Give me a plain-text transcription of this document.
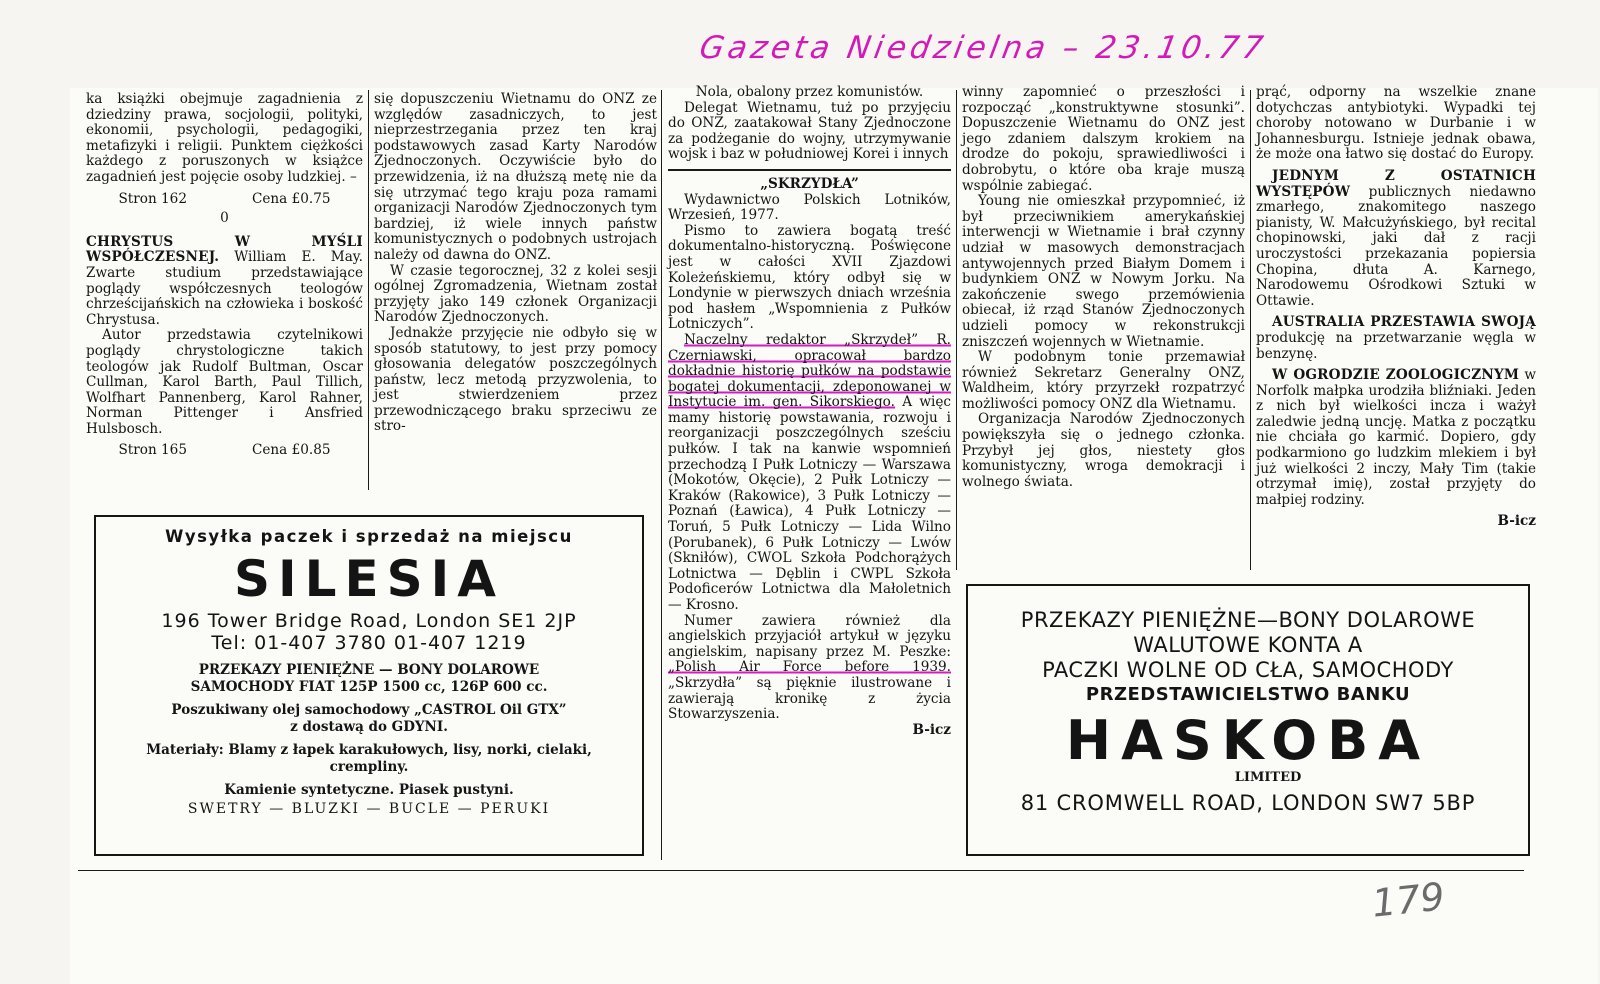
Gazeta Niedzielna – 23.10.77

ka książki obejmuje zagadnienia z dziedziny prawa, socjologii, polityki, ekonomii, psychologii, pedagogiki, metafizyki i religii. Punktem ciężkości każdego z poruszonych w książce zagadnień jest pojęcie osoby ludzkiej. –

Stron 162	Cena £0.75

0

CHRYSTUS W MYŚLI WSPÓŁCZESNEJ. William E. May. Zwarte studium przedstawiające poglądy współczesnych teologów chrześcijańskich na człowieka i boskość Chrystusa.

Autor przedstawia czytelnikowi poglądy chrystologiczne takich teologów jak Rudolf Bultman, Oscar Cullman, Karol Barth, Paul Tillich, Wolfhart Pannenberg, Karol Rahner, Norman Pittenger i Ansfried Hulsbosch.

Stron 165	Cena £0.85

się dopuszczeniu Wietnamu do ONZ ze względów zasadniczych, to jest nieprzestrzegania przez ten kraj podstawowych zasad Karty Narodów Zjednoczonych. Oczywiście było do przewidzenia, iż na dłuższą metę nie da się utrzymać tego kraju poza ramami organizacji Narodów Zjednoczonych tym bardziej, iż wiele innych państw komunistycznych o podobnych ustrojach należy od dawna do ONZ.

W czasie tegorocznej, 32 z kolei sesji ogólnej Zgromadzenia, Wietnam został przyjęty jako 149 członek Organizacji Narodów Zjednoczonych.

Jednakże przyjęcie nie odbyło się w sposób statutowy, to jest przy pomocy głosowania delegatów poszczególnych państw, lecz metodą przyzwolenia, to jest stwierdzeniem przez przewodniczącego braku sprzeciwu ze stro-

Nola, obalony przez komunistów.

Delegat Wietnamu, tuż po przyjęciu do ONZ, zaatakował Stany Zjednoczone za podżeganie do wojny, utrzymywanie wojsk i baz w południowej Korei i innych

„SKRZYDŁA”

Wydawnictwo Polskich Lotników, Wrzesień, 1977.

Pismo to zawiera bogatą treść dokumentalno-historyczną. Poświęcone jest w całości XVII Zjazdowi Koleżeńskiemu, który odbył się w Londynie w pierwszych dniach września pod hasłem „Wspomnienia z Pułków Lotniczych”.

Naczelny redaktor „Skrzydeł” R. Czerniawski, opracował bardzo dokładnie historię pułków na podstawie bogatej dokumentacji, zdeponowanej w Instytucie im. gen. Sikorskiego. A więc mamy historię powstawania, rozwoju i reorganizacji poszczególnych sześciu pułków. I tak na kanwie wspomnień przechodzą I Pułk Lotniczy — Warszawa (Mokotów, Okęcie), 2 Pułk Lotniczy — Kraków (Rakowice), 3 Pułk Lotniczy — Poznań (Ławica), 4 Pułk Lotniczy — Toruń, 5 Pułk Lotniczy — Lida Wilno (Porubanek), 6 Pułk Lotniczy — Lwów (Skniłów), CWOL Szkoła Podchorążych Lotnictwa — Dęblin i CWPL Szkoła Podoficerów Lotnictwa dla Małoletnich — Krosno.

Numer zawiera również dla angielskich przyjaciół artykuł w języku angielskim, napisany przez M. Peszke: „Polish Air Force before 1939. „Skrzydła” są pięknie ilustrowane i zawierają kronikę z życia Stowarzyszenia.

B-icz

winny zapomnieć o przeszłości i rozpocząć „konstruktywne stosunki”. Dopuszczenie Wietnamu do ONZ jest jego zdaniem dalszym krokiem na drodze do pokoju, sprawiedliwości i dobrobytu, o które oba kraje muszą wspólnie zabiegać.

Young nie omieszkał przypomnieć, iż był przeciwnikiem amerykańskiej interwencji w Wietnamie i brał czynny udział w masowych demonstracjach antywojennych przed Białym Domem i budynkiem ONZ w Nowym Jorku. Na zakończenie swego przemówienia obiecał, iż rząd Stanów Zjednoczonych udzieli pomocy w rekonstrukcji zniszczeń wojennych w Wietnamie.

W podobnym tonie przemawiał również Sekretarz Generalny ONZ, Waldheim, który przyrzekł rozpatrzyć możliwości pomocy ONZ dla Wietnamu.

Organizacja Narodów Zjednoczonych powiększyła się o jednego członka. Przybył jej głos, niestety głos komunistyczny, wroga demokracji i wolnego świata.

prąć, odporny na wszelkie znane dotychczas antybiotyki. Wypadki tej choroby notowano w Durbanie i w Johannesburgu. Istnieje jednak obawa, że może ona łatwo się dostać do Europy.

JEDNYM Z OSTATNICH WYSTĘPÓW publicznych niedawno zmarłego, znakomitego naszego pianisty, W. Małcużyńskiego, był recital chopinowski, jaki dał z racji uroczystości przekazania popiersia Chopina, dłuta A. Karnego, Narodowemu Ośrodkowi Sztuki w Ottawie.

AUSTRALIA PRZESTAWIA SWOJĄ produkcję na przetwarzanie węgla w benzynę.

W OGRODZIE ZOOLOGICZNYM w Norfolk małpka urodziła bliźniaki. Jeden z nich był wielkości incza i ważył zaledwie jedną uncję. Matka z początku nie chciała go karmić. Dopiero, gdy podkarmiono go ludzkim mlekiem i był już wielkości 2 inczy, Mały Tim (takie otrzymał imię), został przyjęty do małpiej rodziny.

B-icz

Wysyłka paczek i sprzedaż na miejscu
SILESIA
196 Tower Bridge Road, London SE1 2JP
Tel: 01-407 3780 01-407 1219
PRZEKAZY PIENIĘŻNE — BONY DOLAROWE
SAMOCHODY FIAT 125P 1500 cc, 126P 600 cc.
Poszukiwany olej samochodowy „CASTROL Oil GTX”
z dostawą do GDYNI.
Materiały: Blamy z łapek karakułowych, lisy, norki, cielaki,
crempliny.
Kamienie syntetyczne. Piasek pustyni.
SWETRY — BLUZKI — BUCLE — PERUKI
PRZEKAZY PIENIĘŻNE—BONY DOLAROWE
WALUTOWE KONTA A
PACZKI WOLNE OD CŁA, SAMOCHODY
PRZEDSTAWICIELSTWO BANKU
HASKOBA
LIMITED
81 CROMWELL ROAD, LONDON SW7 5BP
179
